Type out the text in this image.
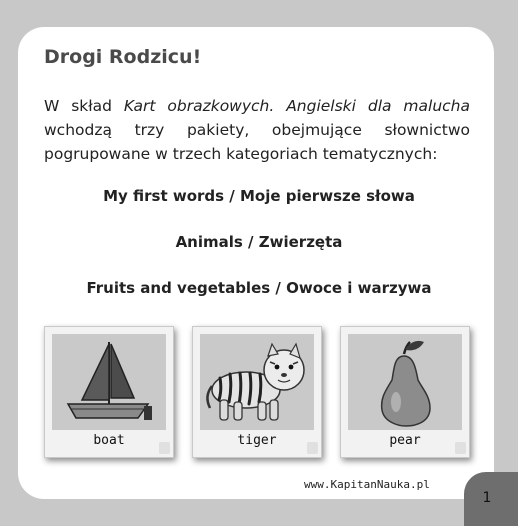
Drogi Rodzicu!

W skład Kart obrazkowych. Angielski dla malucha wchodzą trzy pakiety, obejmujące słownictwo pogrupowane w trzech kategoriach tematycznych:

My first words / Moje pierwsze słowa

Animals / Zwierzęta

Fruits and vegetables / Owoce i warzywa

boat	tiger	pear
www.KapitanNauka.pl
1
